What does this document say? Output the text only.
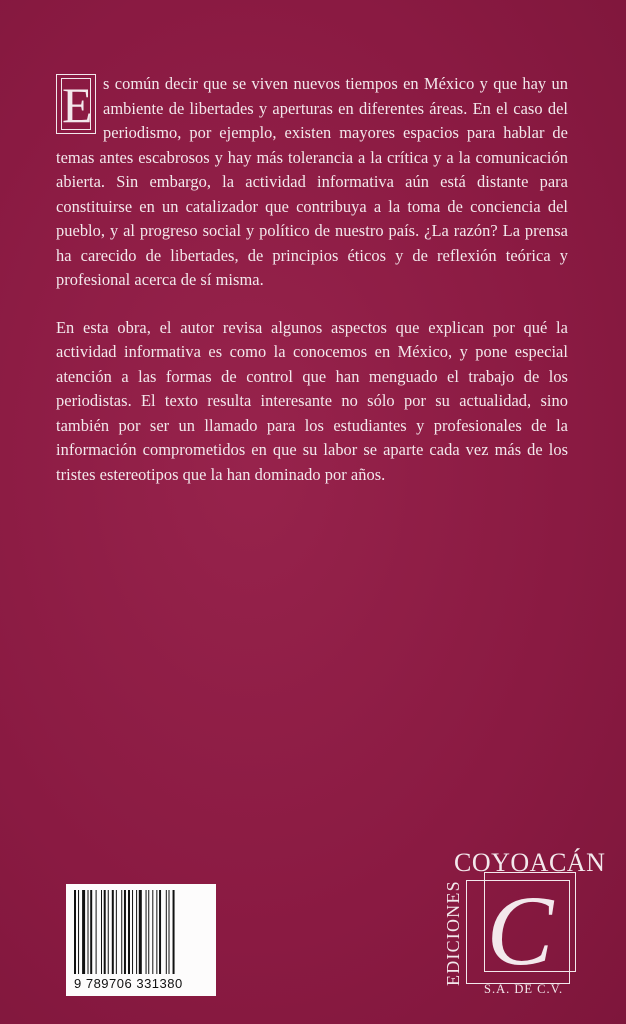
E s común decir que se viven nuevos tiempos en México y que hay un ambiente de libertades y aperturas en diferentes áreas. En el caso del periodismo, por ejemplo, existen mayores espacios para hablar de temas antes escabrosos y hay más tolerancia a la crítica y a la comunicación abierta. Sin embargo, la actividad informativa aún está distante para constituirse en un catalizador que contribuya a la toma de conciencia del pueblo, y al progreso social y político de nuestro país. ¿La razón? La prensa ha carecido de libertades, de principios éticos y de reflexión teórica y profesional acerca de sí misma.

En esta obra, el autor revisa algunos aspectos que explican por qué la actividad informativa es como la conocemos en México, y pone especial atención a las formas de control que han menguado el trabajo de los periodistas. El texto resulta interesante no sólo por su actualidad, sino también por ser un llamado para los estudiantes y profesionales de la información comprometidos en que su labor se aparte cada vez más de los tristes estereotipos que la han dominado por años.

9 789706 331380
COYOACÁN
EDICIONES C
S.A. DE C.V.
